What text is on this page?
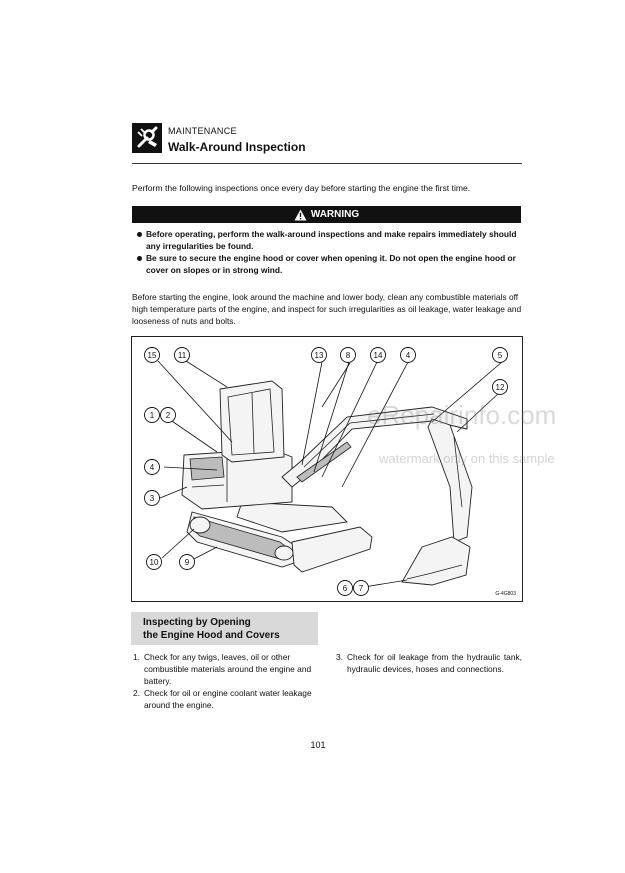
MAINTENANCE
Walk-Around Inspection
Perform the following inspections once every day before starting the engine the first time.
WARNING
Before operating, perform the walk-around inspections and make repairs immediately should any irregularities be found.
Be sure to secure the engine hood or cover when opening it. Do not open the engine hood or cover on slopes or in strong wind.
Before starting the engine, look around the machine and lower body, clean any combustible materials off high temperature parts of the engine, and inspect for such irregularities as oil leakage, water leakage and looseness of nuts and bolts.
15	11	13	8	14	4	5
12
1 2
4
3
10	9
6 7
G-4G803
eRepairinfo.com
watermark only on this sample
Inspecting by Opening
the Engine Hood and Covers
1. Check for any twigs, leaves, oil or other combustible materials around the engine and battery.
2. Check for oil or engine coolant water leakage around the engine.
3. Check for oil leakage from the hydraulic tank, hydraulic devices, hoses and connections.
101
